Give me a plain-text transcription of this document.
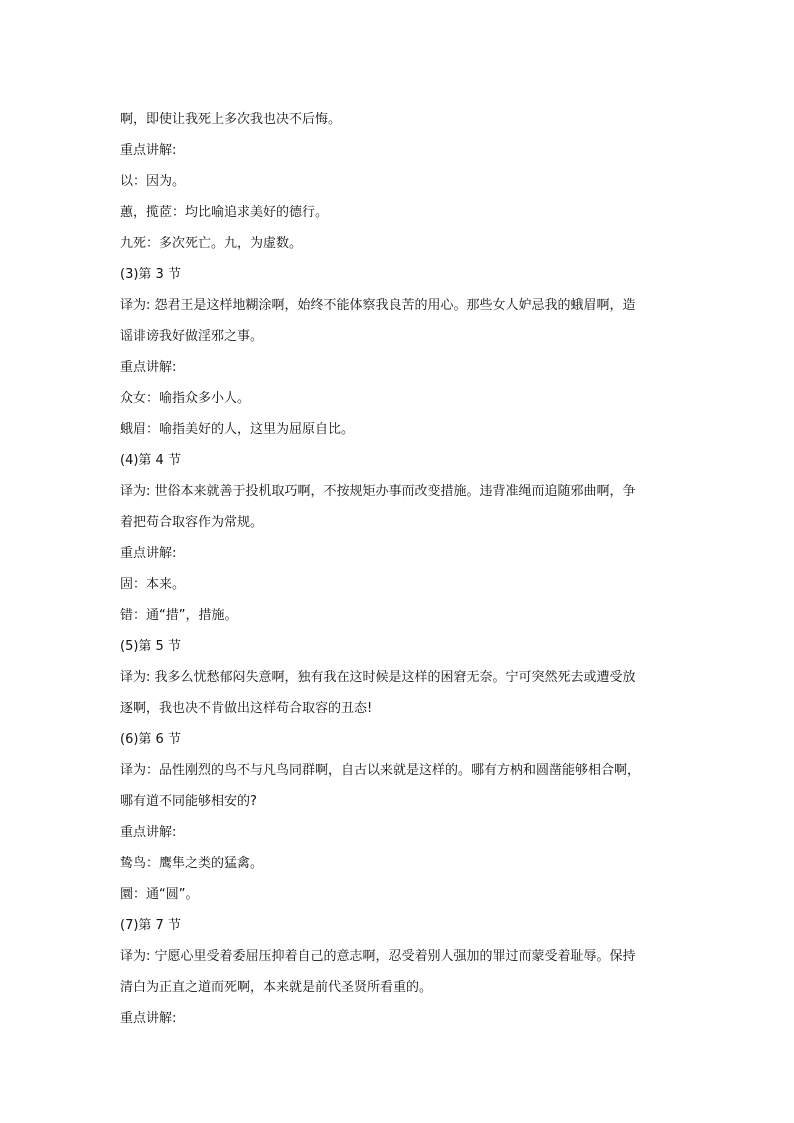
啊，即使让我死上多次我也决不后悔。
重点讲解:
以：因为。
蕙，揽茝：均比喻追求美好的德行。
九死：多次死亡。九，为虚数。
(3)第 3 节
译为: 怨君王是这样地糊涂啊，始终不能体察我良苦的用心。那些女人妒忌我的蛾眉啊，造
谣诽谤我好做淫邪之事。
重点讲解:
众女：喻指众多小人。
蛾眉：喻指美好的人，这里为屈原自比。
(4)第 4 节
译为: 世俗本来就善于投机取巧啊，不按规矩办事而改变措施。违背准绳而追随邪曲啊，争
着把苟合取容作为常规。
重点讲解:
固：本来。
错：通“措”，措施。
(5)第 5 节
译为: 我多么忧愁郁闷失意啊，独有我在这时候是这样的困窘无奈。宁可突然死去或遭受放
逐啊，我也决不肯做出这样苟合取容的丑态!
(6)第 6 节
译为：品性刚烈的鸟不与凡鸟同群啊，自古以来就是这样的。哪有方枘和圆凿能够相合啊，
哪有道不同能够相安的?
重点讲解:
鸷鸟：鹰隼之类的猛禽。
圜：通“圆”。
(7)第 7 节
译为: 宁愿心里受着委屈压抑着自己的意志啊，忍受着别人强加的罪过而蒙受着耻辱。保持
清白为正直之道而死啊，本来就是前代圣贤所看重的。
重点讲解:
